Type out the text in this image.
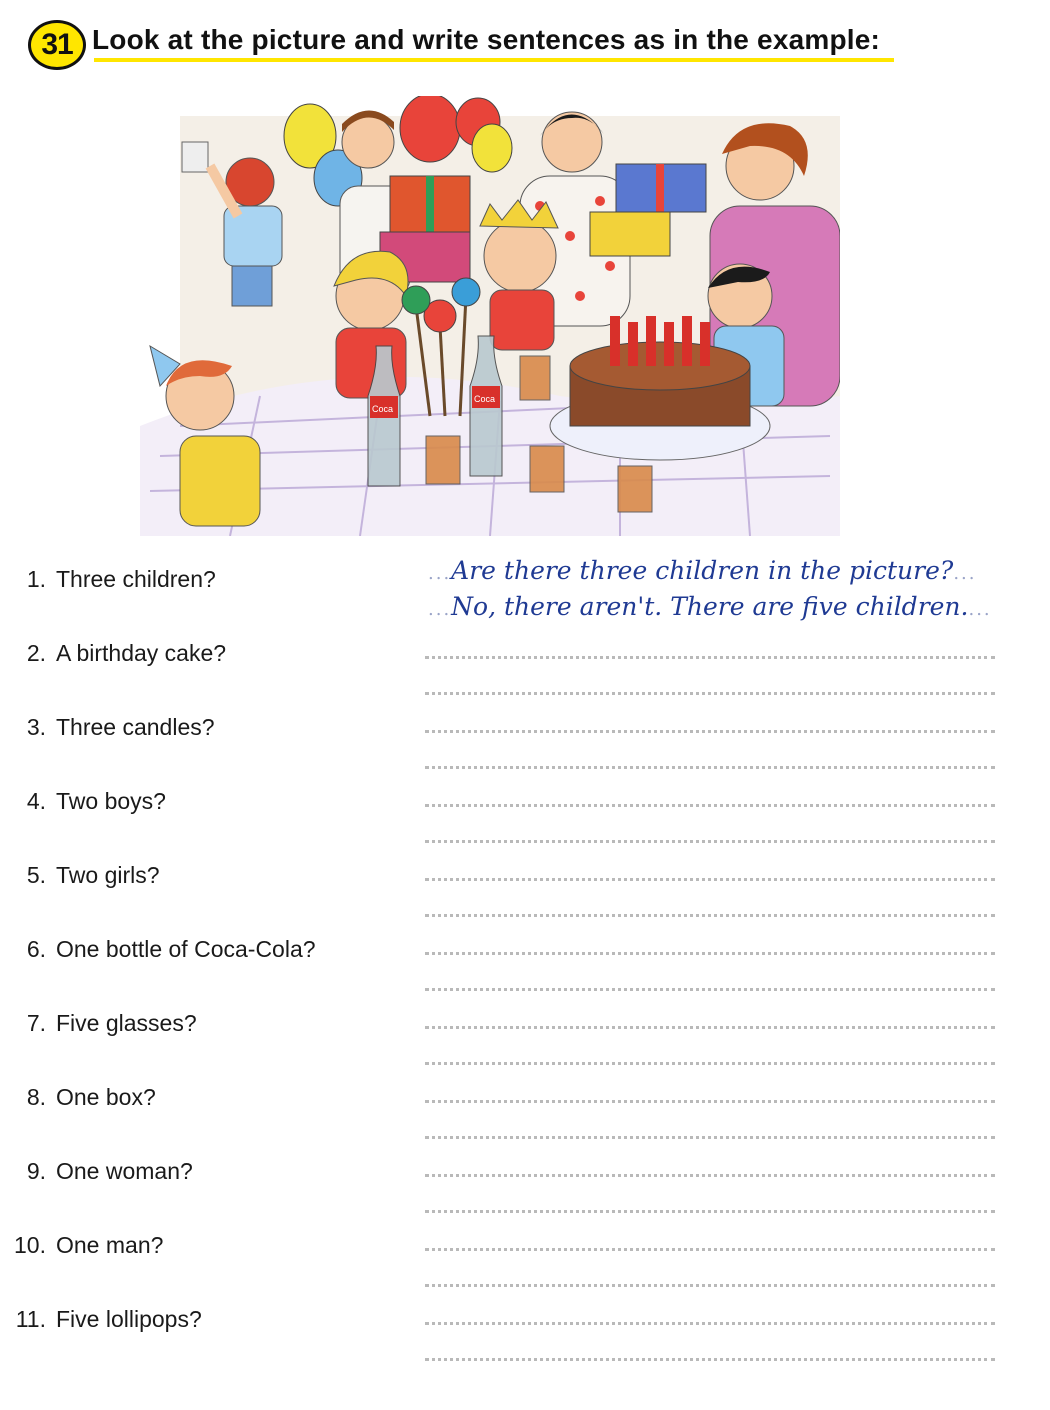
31 Look at the picture and write sentences as in the example:
Coca
Coca
...Are there three children in the picture?...
...No, there aren't. There are five children....
1. Three children?
2. A birthday cake?
3. Three candles?
4. Two boys?
5. Two girls?
6. One bottle of Coca-Cola?
7. Five glasses?
8. One box?
9. One woman?
10. One man?
11. Five lollipops?
